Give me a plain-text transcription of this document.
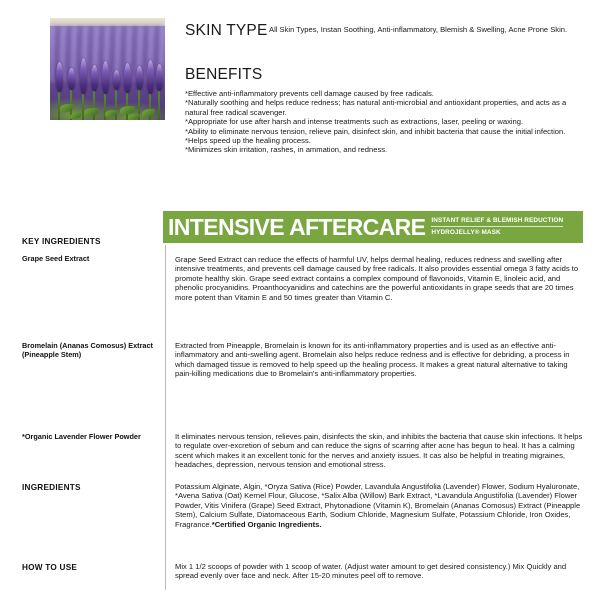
SKIN TYPE All Skin Types, Instan Soothing, Anti-inflammatory, Blemish & Swelling, Acne Prone Skin.
BENEFITS

*Effective anti-inflammatory prevents cell damage caused by free radicals.

*Naturally soothing and helps reduce redness; has natural anti-microbial and antioxidant properties, and acts as a natural free radical scavenger.

*Appropriate for use after harsh and intense treatments such as extractions, laser, peeling or waxing.

*Ability to eliminate nervous tension, relieve pain, disinfect skin, and inhibit bacteria that cause the initial infection.

*Helps speed up the healing process.

*Minimizes skin irritation, rashes, in ammation, and redness.

INTENSIVE AFTERCARE INSTANT RELIEF & BLEMISH REDUCTION
HYDROJELLY® MASK
KEY INGREDIENTS
Grape Seed Extract	Grape Seed Extract can reduce the effects of harmful UV, helps dermal healing, reduces redness and swelling after intensive treatments, and prevents cell damage caused by free radicals. It also provides essential omega 3 fatty acids to promote healthy skin. Grape seed extract contains a complex compound of flavonoids, Vitamin E, linoleic acid, and phenolic procyanidins. Proanthocyanidins and catechins are the powerful antioxidants in grape seeds that are 20 times more potent than Vitamin E and 50 times greater than Vitamin C.
Bromelain (Ananas Comosus) Extract
(Pineapple Stem)
Extracted from Pineapple, Bromelain is known for its anti-inflammatory properties and is used as an effective anti-inflammatory and anti-swelling agent. Bromelain also helps reduce redness and is effective for debriding, a process in which damaged tissue is removed to help speed up the healing process. It makes a great natural alternative to taking pain-killing medications due to Bromelain's anti-inflammatory properties.
*Organic Lavender Flower Powder	It eliminates nervous tension, relieves pain, disinfects the skin, and inhibits the bacteria that cause skin infections. It helps to regulate over-excretion of sebum and can reduce the signs of scarring after acne has begun to heal. It has a calming scent which makes it an excellent tonic for the nerves and anxiety issues. It cas also be helpful in treating migraines, headaches, depression, nervous tension and emotional stress.
INGREDIENTS	Potassium Alginate, Algin, *Oryza Sativa (Rice) Powder, Lavandula Angustifolia (Lavender) Flower, Sodium Hyaluronate, *Avena Sativa (Oat) Kernel Flour, Glucose, *Salix Alba (Willow) Bark Extract, *Lavandula Angustifolia (Lavender) Flower Powder, Vitis Vinifera (Grape) Seed Extract, Phytonadione (Vitamin K), Bromelain (Ananas Comosus) Extract (Pineapple Stem), Calcium Sulfate, Diatomaceous Earth, Sodium Chloride, Magnesium Sulfate, Potassium Chloride, Iron Oxides, Fragrance.*Certified Organic Ingredients.
HOW TO USE	Mix 1 1/2 scoops of powder with 1 scoop of water. (Adjust water amount to get desired consistency.) Mix Quickly and spread evenly over face and neck. After 15-20 minutes peel off to remove.
